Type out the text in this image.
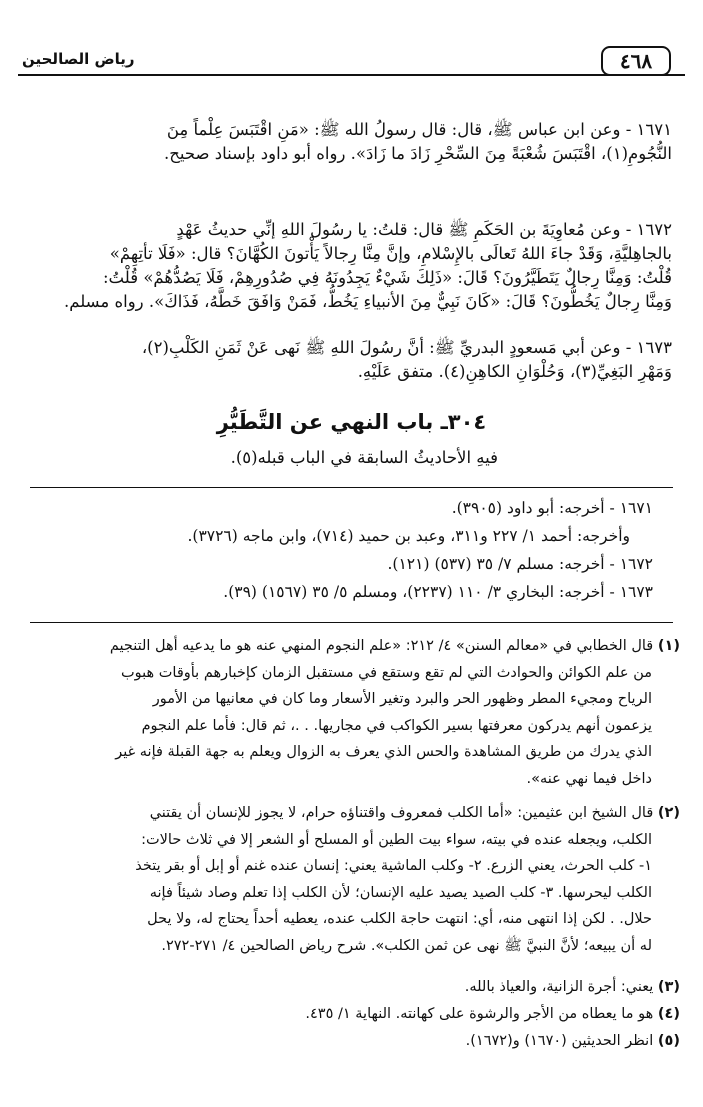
٤٦٨
رياض الصالحين
١٦٧١ - وعن ابن عباس ﷺ، قال: قال رسولُ الله ﷺ: «مَنِ اقْتَبَسَ عِلْماً مِنَ
النُّجُومِ(١)، اقْتَبَسَ شُعْبَةً مِنَ السِّحْرِ زَادَ ما زَادَ». رواه أبو داود بإسناد صحيح.
١٦٧٢ - وعن مُعاوِيَةَ بن الحَكَمِ ﷺ قال: قلتُ: يا رسُولَ اللهِ إنِّي حديثُ عَهْدٍ
بالجاهِليَّةِ، وَقَدْ جاءَ اللهُ تَعالَى بالإِسْلامِ، وإنَّ مِنَّا رِجالاً يَأْتونَ الكُهَّانَ؟ قال: «فَلَا تأتِهِمْ»
قُلْتُ: وَمِنَّا رِجالٌ يَتَطَيَّرُونَ؟ قَالَ: «ذَلِكَ شَيْءٌ يَجِدُونَهُ فِي صُدُورِهِمْ، فَلَا يَصُدُّهُمْ» قُلْتُ:
وَمِنَّا رِجالٌ يَخُطُّونَ؟ قَالَ: «كَانَ نَبِيٌّ مِنَ الأنبياءِ يَخُطُّ، فَمَنْ وَافَقَ خَطَّهُ، فَذَاكَ». رواه مسلم.
١٦٧٣ - وعن أبي مَسعودٍ البدريِّ ﷺ: أنَّ رسُولَ اللهِ ﷺ نَهى عَنْ ثَمَنِ الكَلْبِ(٢)،
وَمَهْرِ البَغِيِّ(٣)، وَحُلْوَانِ الكاهِنِ(٤). متفق عَلَيْهِ.
٣٠٤ـ باب النهي عن التَّطَيُّرِ
فيهِ الأحاديثُ السابقة في الباب قبله(٥).
١٦٧١ - أخرجه: أبو داود (٣٩٠٥).
وأخرجه: أحمد ١/ ٢٢٧ و٣١١، وعبد بن حميد (٧١٤)، وابن ماجه (٣٧٢٦).
١٦٧٢ - أخرجه: مسلم ٧/ ٣٥ (٥٣٧) (١٢١).
١٦٧٣ - أخرجه: البخاري ٣/ ١١٠ (٢٢٣٧)، ومسلم ٥/ ٣٥ (١٥٦٧) (٣٩).
(١) قال الخطابي في «معالم السنن» ٤/ ٢١٢: «علم النجوم المنهي عنه هو ما يدعيه أهل التنجيم
من علم الكوائن والحوادث التي لم تقع وستقع في مستقبل الزمان كإخبارهم بأوقات هبوب
الرياح ومجيء المطر وظهور الحر والبرد وتغير الأسعار وما كان في معانيها من الأمور
يزعمون أنهم يدركون معرفتها بسير الكواكب في مجاريها. . .، ثم قال: فأما علم النجوم
الذي يدرك من طريق المشاهدة والحس الذي يعرف به الزوال ويعلم به جهة القبلة فإنه غير
داخل فيما نهي عنه».
(٢) قال الشيخ ابن عثيمين: «أما الكلب فمعروف واقتناؤه حرام، لا يجوز للإنسان أن يقتني
الكلب، ويجعله عنده في بيته، سواء بيت الطين أو المسلح أو الشعر إلا في ثلاث حالات:
١- كلب الحرث، يعني الزرع. ٢- وكلب الماشية يعني: إنسان عنده غنم أو إبل أو بقر يتخذ
الكلب ليحرسها. ٣- كلب الصيد يصيد عليه الإنسان؛ لأن الكلب إذا تعلم وصاد شيئاً فإنه
حلال. . لكن إذا انتهى منه، أي: انتهت حاجة الكلب عنده، يعطيه أحداً يحتاج له، ولا يحل
له أن يبيعه؛ لأنَّ النبيَّ ﷺ نهى عن ثمن الكلب». شرح رياض الصالحين ٤/ ٢٧١-٢٧٢.
(٣) يعني: أجرة الزانية، والعياذ بالله.
(٤) هو ما يعطاه من الأجر والرشوة على كهانته. النهاية ١/ ٤٣٥.
(٥) انظر الحديثين (١٦٧٠) و(١٦٧٢).
